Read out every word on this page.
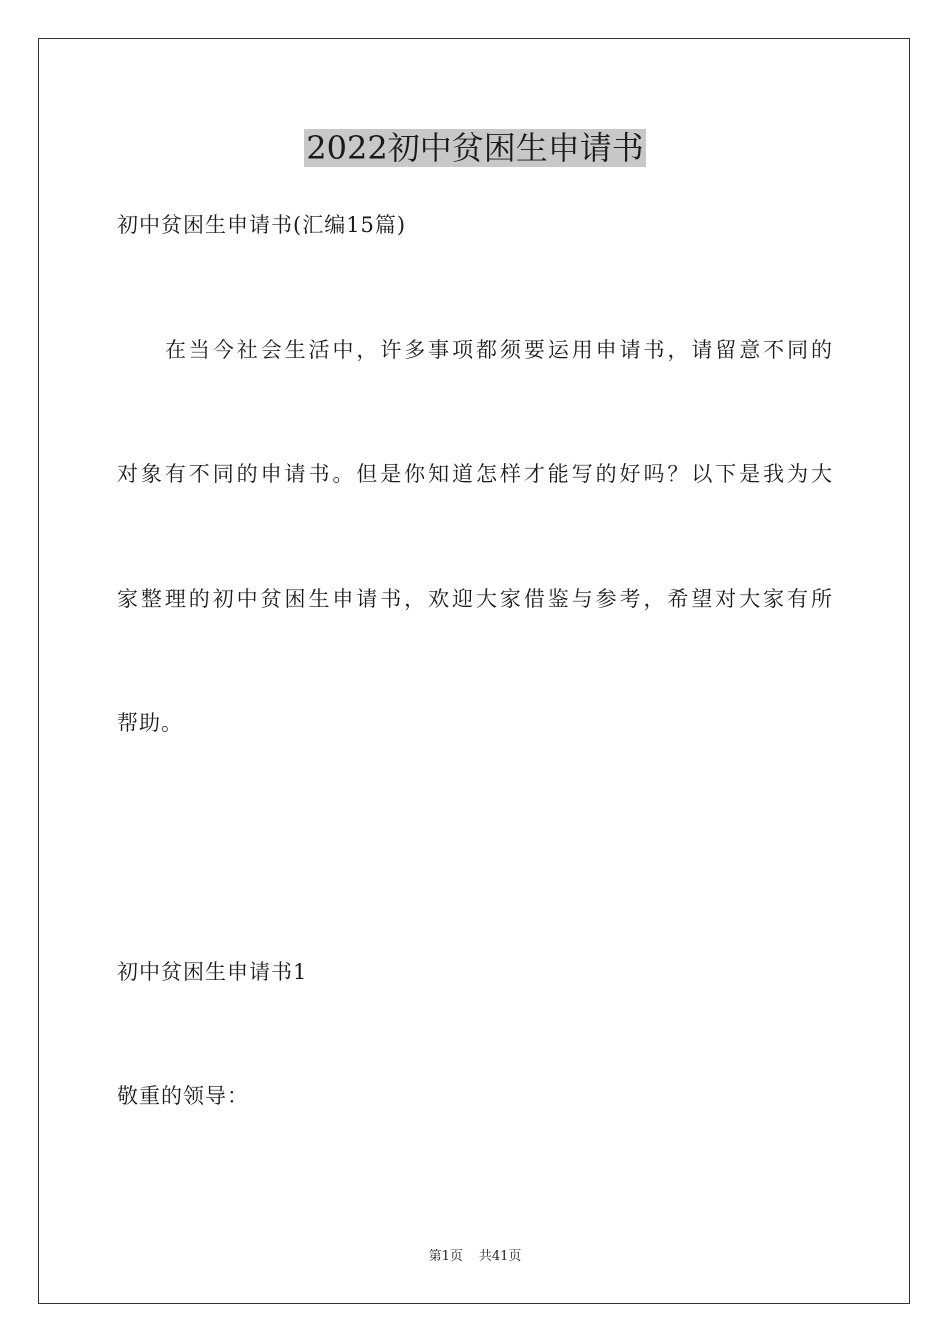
2022初中贫困生申请书
初中贫困生申请书(汇编15篇)
在当今社会生活中，许多事项都须要运用申请书，请留意不同的
对象有不同的申请书。但是你知道怎样才能写的好吗？以下是我为大
家整理的初中贫困生申请书，欢迎大家借鉴与参考，希望对大家有所
帮助。
初中贫困生申请书1
敬重的领导：
第1页 共41页
